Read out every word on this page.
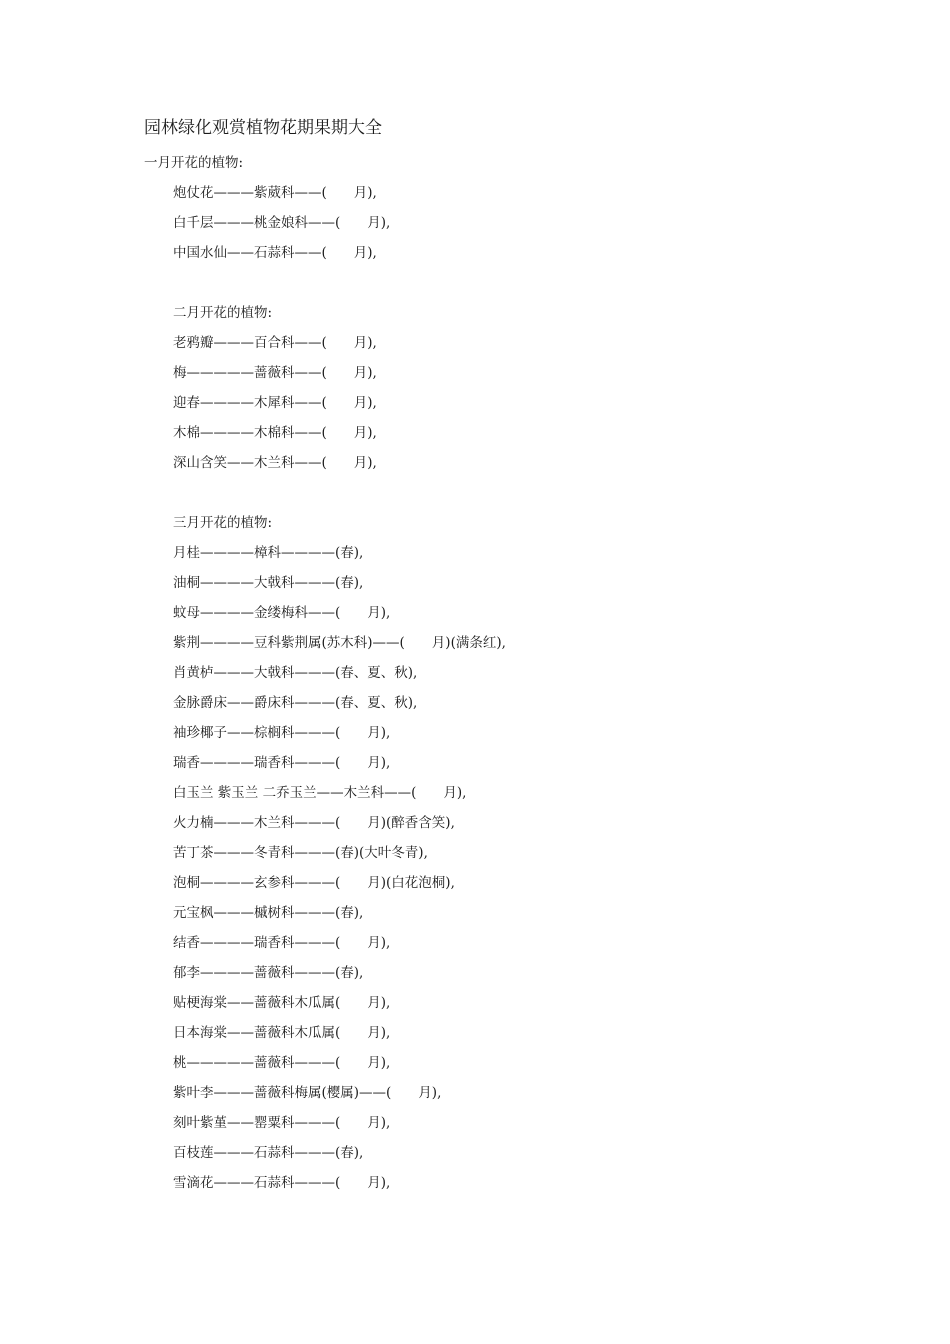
园林绿化观赏植物花期果期大全
一月开花的植物:
炮仗花———紫葳科——(　　月),
白千层———桃金娘科——(　　月),
中国水仙——石蒜科——(　　月),
二月开花的植物:
老鸦瓣———百合科——(　　月),
梅—————蔷薇科——(　　月),
迎春————木犀科——(　　月),
木棉————木棉科——(　　月),
深山含笑——木兰科——(　　月),
三月开花的植物:
月桂————樟科————(春),
油桐————大戟科———(春),
蚊母————金缕梅科——(　　月),
紫荆————豆科紫荆属(苏木科)——(　　月)(满条红),
肖黄栌———大戟科———(春、夏、秋),
金脉爵床——爵床科———(春、夏、秋),
袖珍椰子——棕榈科———(　　月),
瑞香————瑞香科———(　　月),
白玉兰 紫玉兰 二乔玉兰——木兰科——(　　月),
火力楠———木兰科———(　　月)(醉香含笑),
苦丁茶———冬青科———(春)(大叶冬青),
泡桐————玄参科———(　　月)(白花泡桐),
元宝枫———槭树科———(春),
结香————瑞香科———(　　月),
郁李————蔷薇科———(春),
贴梗海棠——蔷薇科木瓜属(　　月),
日本海棠——蔷薇科木瓜属(　　月),
桃—————蔷薇科———(　　月),
紫叶李———蔷薇科梅属(樱属)——(　　月),
刻叶紫堇——罂粟科———(　　月),
百枝莲———石蒜科———(春),
雪滴花———石蒜科———(　　月),
